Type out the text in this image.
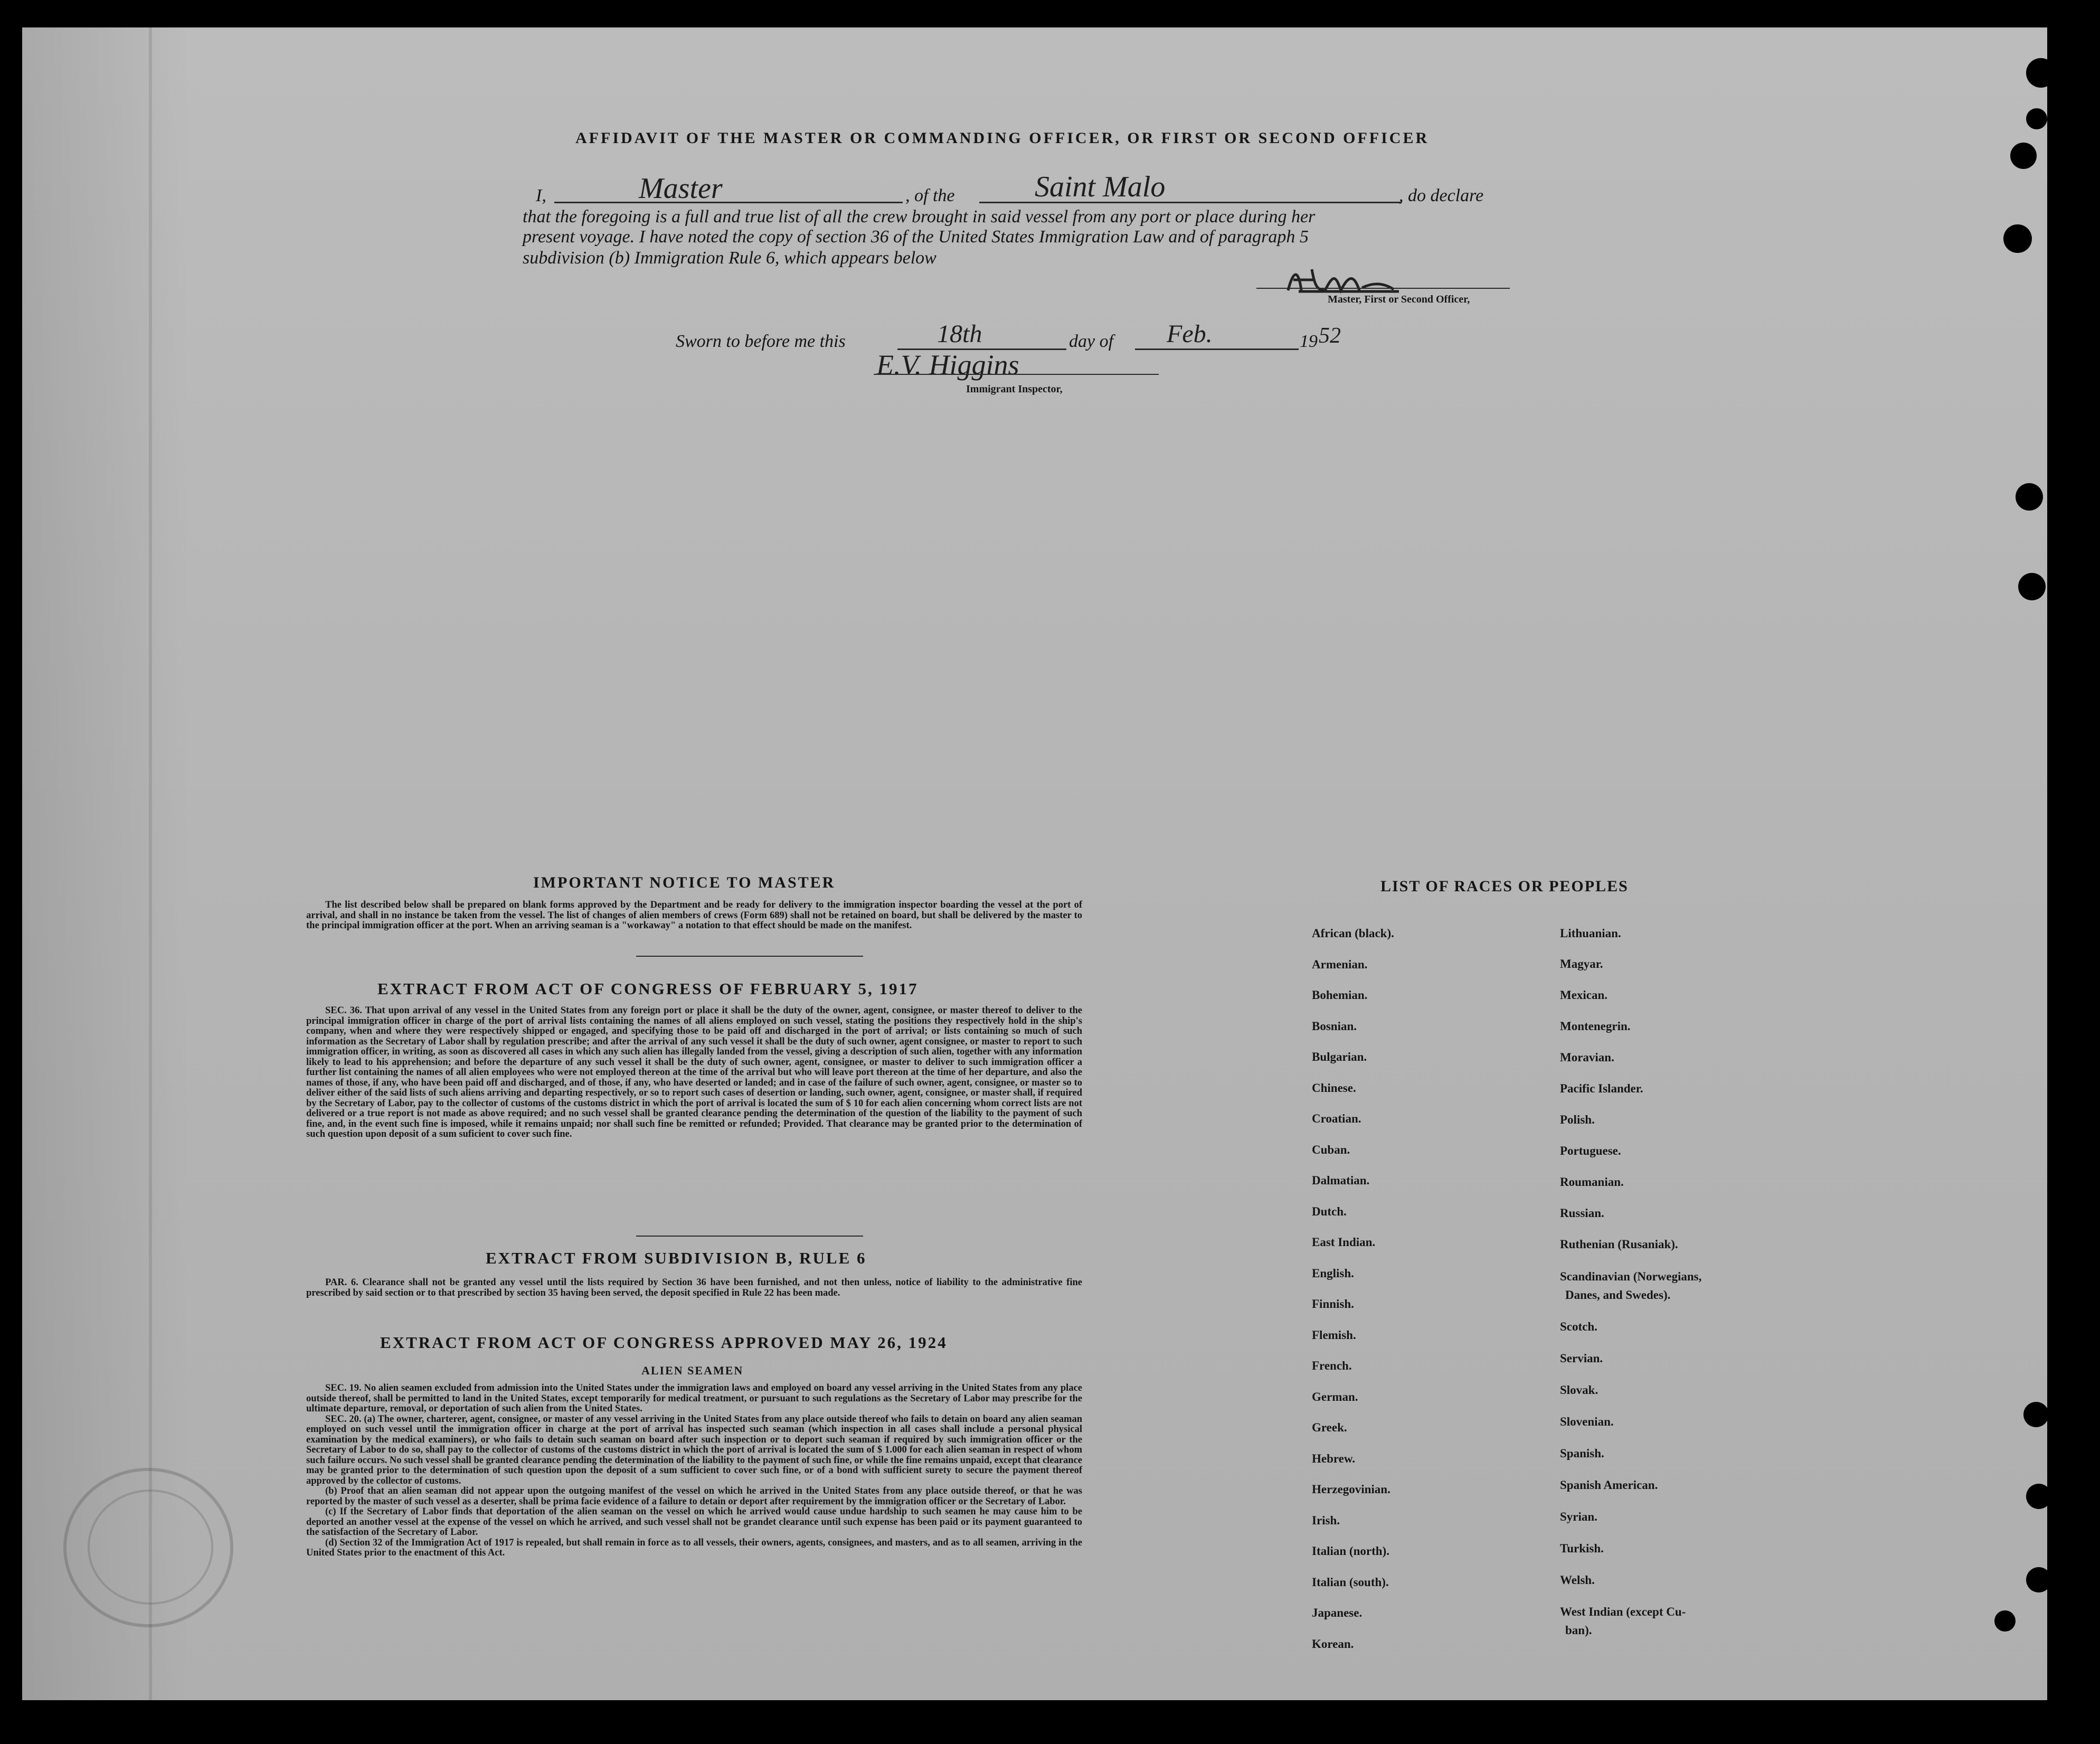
AFFIDAVIT OF THE MASTER OR COMMANDING OFFICER, OR FIRST OR SECOND OFFICER
I,	Master	, of the	Saint Malo	, do declare
that the foregoing is a full and true list of all the crew brought in said vessel from any port or place during her
present voyage. I have noted the copy of section 36 of the United States Immigration Law and of paragraph 5
subdivision (b) Immigration Rule 6, which appears below
Master, First or Second Officer,
Sworn to before me this	18th	day of Feb.	19 52
E.V. Higgins
Immigrant Inspector,
IMPORTANT NOTICE TO MASTER

The list described below shall be prepared on blank forms approved by the Department and be ready for delivery to the immigration inspector boarding the vessel at the port of arrival, and shall in no instance be taken from the vessel. The list of changes of alien members of crews (Form 689) shall not be retained on board, but shall be delivered by the master to the principal immigration officer at the port. When an arriving seaman is a "workaway" a notation to that effect should be made on the manifest.

EXTRACT FROM ACT OF CONGRESS OF FEBRUARY 5, 1917

SEC. 36. That upon arrival of any vessel in the United States from any foreign port or place it shall be the duty of the owner, agent, consignee, or master thereof to deliver to the principal immigration officer in charge of the port of arrival lists containing the names of all aliens employed on such vessel, stating the positions they respectively hold in the ship's company, when and where they were respectively shipped or engaged, and specifying those to be paid off and discharged in the port of arrival; or lists containing so much of such information as the Secretary of Labor shall by regulation prescribe; and after the arrival of any such vessel it shall be the duty of such owner, agent consignee, or master to report to such immigration officer, in writing, as soon as discovered all cases in which any such alien has illegally landed from the vessel, giving a description of such alien, together with any information likely to lead to his apprehension; and before the departure of any such vessel it shall be the duty of such owner, agent, consignee, or master to deliver to such immigration officer a further list containing the names of all alien employees who were not employed thereon at the time of the arrival but who will leave port thereon at the time of her departure, and also the names of those, if any, who have been paid off and discharged, and of those, if any, who have deserted or landed; and in case of the failure of such owner, agent, consignee, or master so to deliver either of the said lists of such aliens arriving and departing respectively, or so to report such cases of desertion or landing, such owner, agent, consignee, or master shall, if required by the Secretary of Labor, pay to the collector of customs of the customs district in which the port of arrival is located the sum of $ 10 for each alien concerning whom correct lists are not delivered or a true report is not made as above required; and no such vessel shall be granted clearance pending the determination of the question of the liability to the payment of such fine, and, in the event such fine is imposed, while it remains unpaid; nor shall such fine be remitted or refunded; Provided. That clearance may be granted prior to the determination of such question upon deposit of a sum suficient to cover such fine.

EXTRACT FROM SUBDIVISION B, RULE 6

PAR. 6. Clearance shall not be granted any vessel until the lists required by Section 36 have been furnished, and not then unless, notice of liability to the administrative fine prescribed by said section or to that prescribed by section 35 having been served, the deposit specified in Rule 22 has been made.

EXTRACT FROM ACT OF CONGRESS APPROVED MAY 26, 1924
ALIEN SEAMEN

SEC. 19. No alien seamen excluded from admission into the United States under the immigration laws and employed on board any vessel arriving in the United States from any place outside thereof, shall be permitted to land in the United States, except temporarily for medical treatment, or pursuant to such regulations as the Secretary of Labor may prescribe for the ultimate departure, removal, or deportation of such alien from the United States.

SEC. 20. (a) The owner, charterer, agent, consignee, or master of any vessel arriving in the United States from any place outside thereof who fails to detain on board any alien seaman employed on such vessel until the immigration officer in charge at the port of arrival has inspected such seaman (which inspection in all cases shall include a personal physical examination by the medical examiners), or who fails to detain such seaman on board after such inspection or to deport such seaman if required by such immigration officer or the Secretary of Labor to do so, shall pay to the collector of customs of the customs district in which the port of arrival is located the sum of $ 1.000 for each alien seaman in respect of whom such failure occurs. No such vessel shall be granted clearance pending the determination of the liability to the payment of such fine, or while the fine remains unpaid, except that clearance may be granted prior to the determination of such question upon the deposit of a sum sufficient to cover such fine, or of a bond with sufficient surety to secure the payment thereof approved by the collector of customs.

(b) Proof that an alien seaman did not appear upon the outgoing manifest of the vessel on which he arrived in the United States from any place outside thereof, or that he was reported by the master of such vessel as a deserter, shall be prima facie evidence of a failure to detain or deport after requirement by the immigration officer or the Secretary of Labor.

(c) If the Secretary of Labor finds that deportation of the alien seaman on the vessel on which he arrived would cause undue hardship to such seamen he may cause him to be deported an another vessel at the expense of the vessel on which he arrived, and such vessel shall not be grandet clearance until such expense has been paid or its payment guaranteed to the satisfaction of the Secretary of Labor.

(d) Section 32 of the Immigration Act of 1917 is repealed, but shall remain in force as to all vessels, their owners, agents, consignees, and masters, and as to all seamen, arriving in the United States prior to the enactment of this Act.

LIST OF RACES OR PEOPLES
African (black).
Armenian.
Bohemian.
Bosnian.
Bulgarian.
Chinese.
Croatian.
Cuban.
Dalmatian.
Dutch.
East Indian.
English.
Finnish.
Flemish.
French.
German.
Greek.
Hebrew.
Herzegovinian.
Irish.
Italian (north).
Italian (south).
Japanese.
Korean.
Lithuanian.
Magyar.
Mexican.
Montenegrin.
Moravian.
Pacific Islander.
Polish.
Portuguese.
Roumanian.
Russian.
Ruthenian (Rusaniak).
Scandinavian (Norwegians,
Danes, and Swedes).
Scotch.
Servian.
Slovak.
Slovenian.
Spanish.
Spanish American.
Syrian.
Turkish.
Welsh.
West Indian (except Cu-
ban).
